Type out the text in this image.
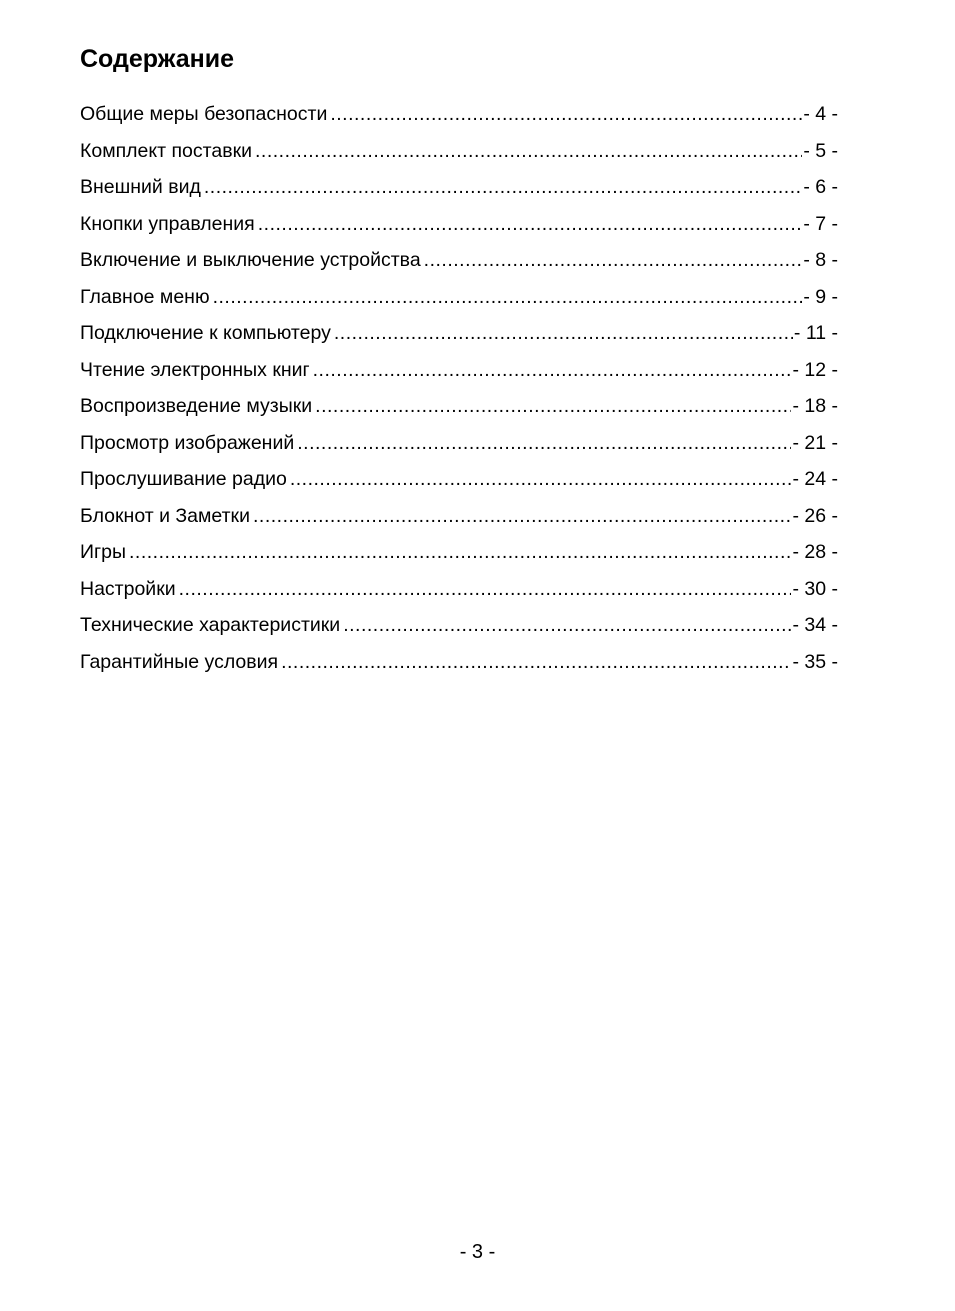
Содержание
Общие меры безопасности .....	- 4 -
Комплект поставки .....	- 5 -
Внешний вид .....	- 6 -
Кнопки управления .....	- 7 -
Включение и выключение устройства .....	- 8 -
Главное меню .....	- 9 -
Подключение к компьютеру .....	- 11 -
Чтение электронных книг .....	- 12 -
Воспроизведение музыки .....	- 18 -
Просмотр изображений .....	- 21 -
Прослушивание радио .....	- 24 -
Блокнот и Заметки .....	- 26 -
Игры .....	- 28 -
Настройки .....	- 30 -
Технические характеристики .....	- 34 -
Гарантийные условия .....	- 35 -
- 3 -
